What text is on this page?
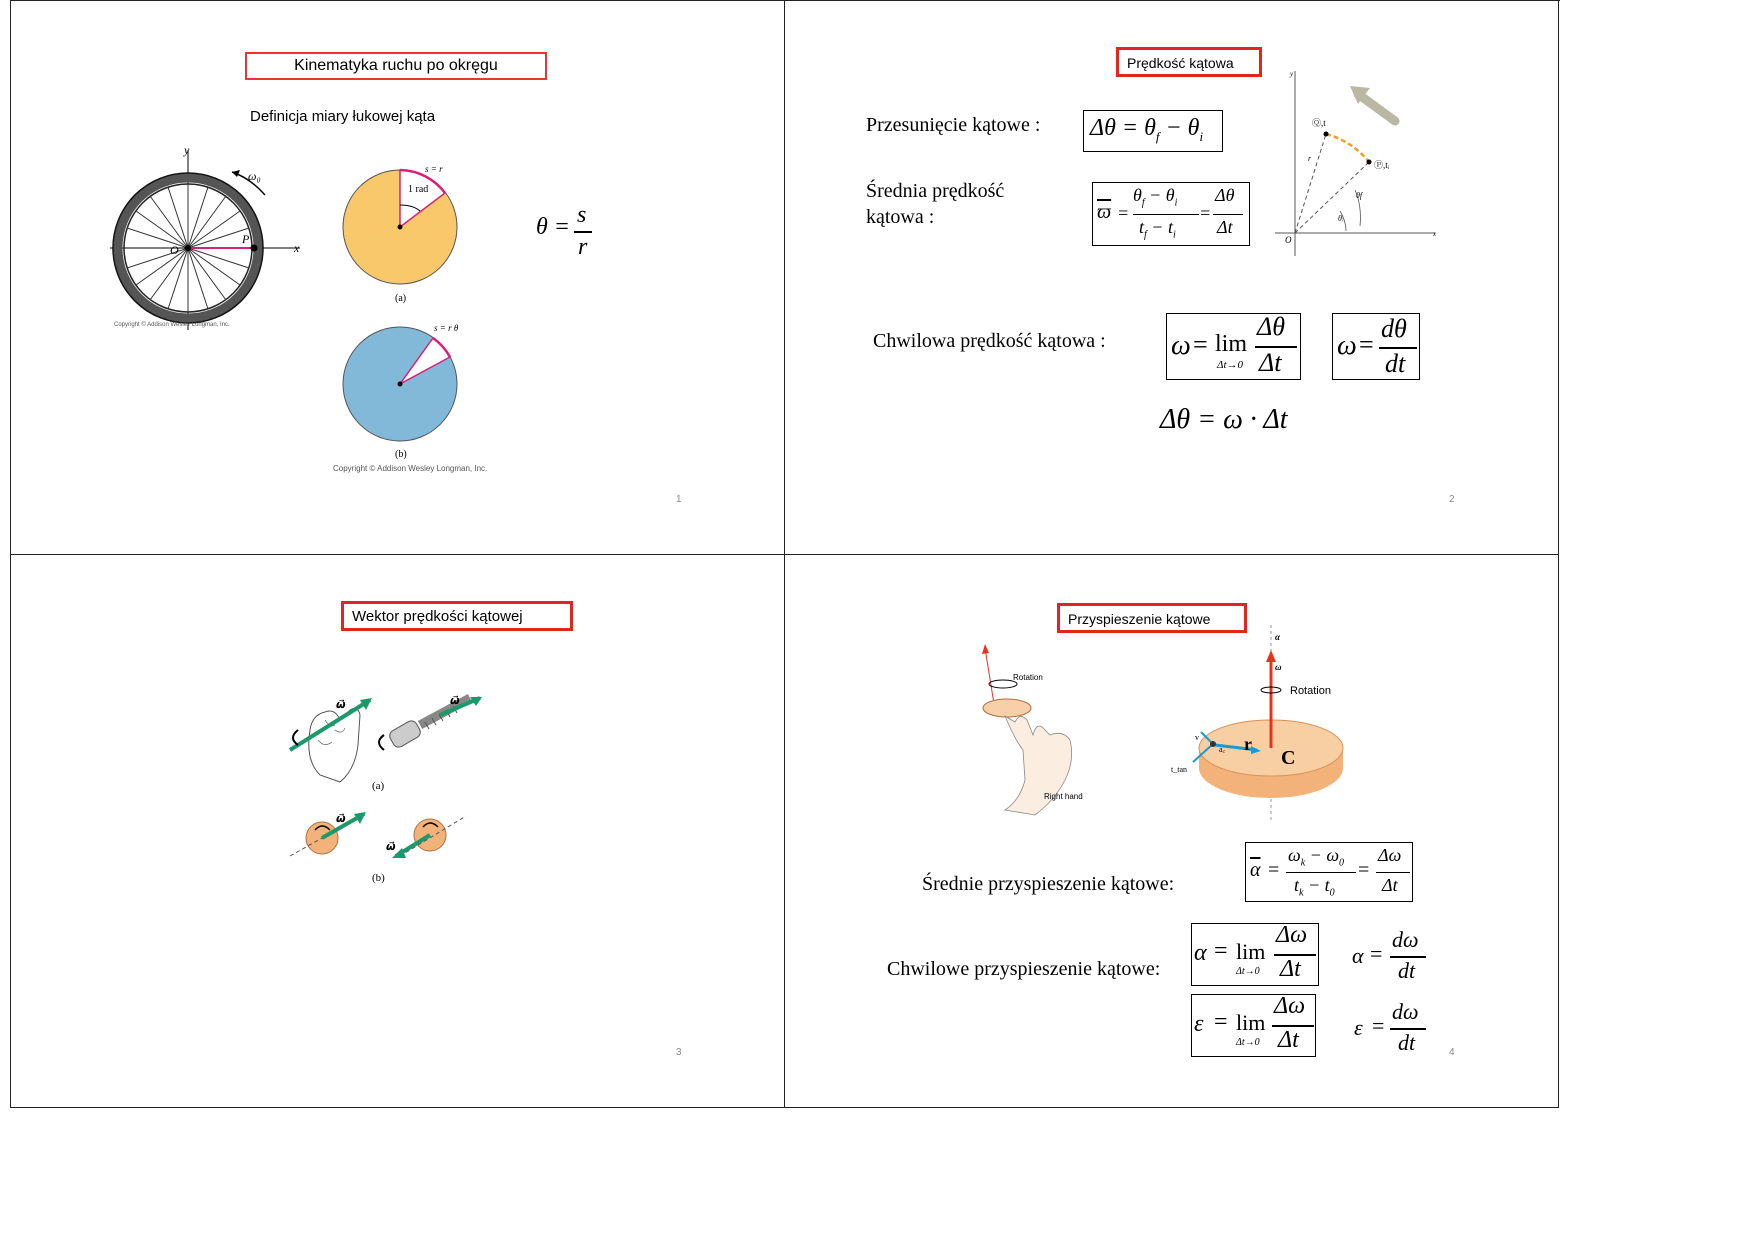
Kinematyka ruchu po okręgu
Definicja miary łukowej kąta
y
x
O
P
ω₀
Copyright © Addison Wesley Longman, Inc.
s = r
1 rad
(a)
s = r θ
(b)
Copyright © Addison Wesley Longman, Inc.
θ = s
r
1
Prędkość kątowa
Przesunięcie kątowe : $\Delta\theta = \theta_f - \theta_i$
Średnia prędkość
kątowa :	$\overline{ϖ}$ =
$\theta_f - \theta_i$
$t_f - t_i$
=
Δθ
Δt
y
x
O
Ⓠ,t
Ⓟ,tᵢ
θf
θᵢ
r
Chwilowa prędkość kątowa : ω = lim
Δt→0
Δθ
Δt
ω =
dθ
dt
Δθ = ω · Δt
2
Wektor prędkości kątowej
ω⃗	ω⃗
ω⃗
ω⃗
(a)
(b)
3
Przyspieszenie kątowe
Rotation
Right hand
α
ω
v
a꜀
t_tan
Rotation
r
C
Średnie przyspieszenie kątowe:
$\overline{\alpha}$ =
$\omega_k - \omega_0$
$t_k - t_0$
=
Δω
Δt
Chwilowe przyspieszenie kątowe:
α = lim
Δt→0
Δω
Δt
α =
dω
dt
ε = lim
Δt→0
Δω
Δt	ε =
dω
dt	4
